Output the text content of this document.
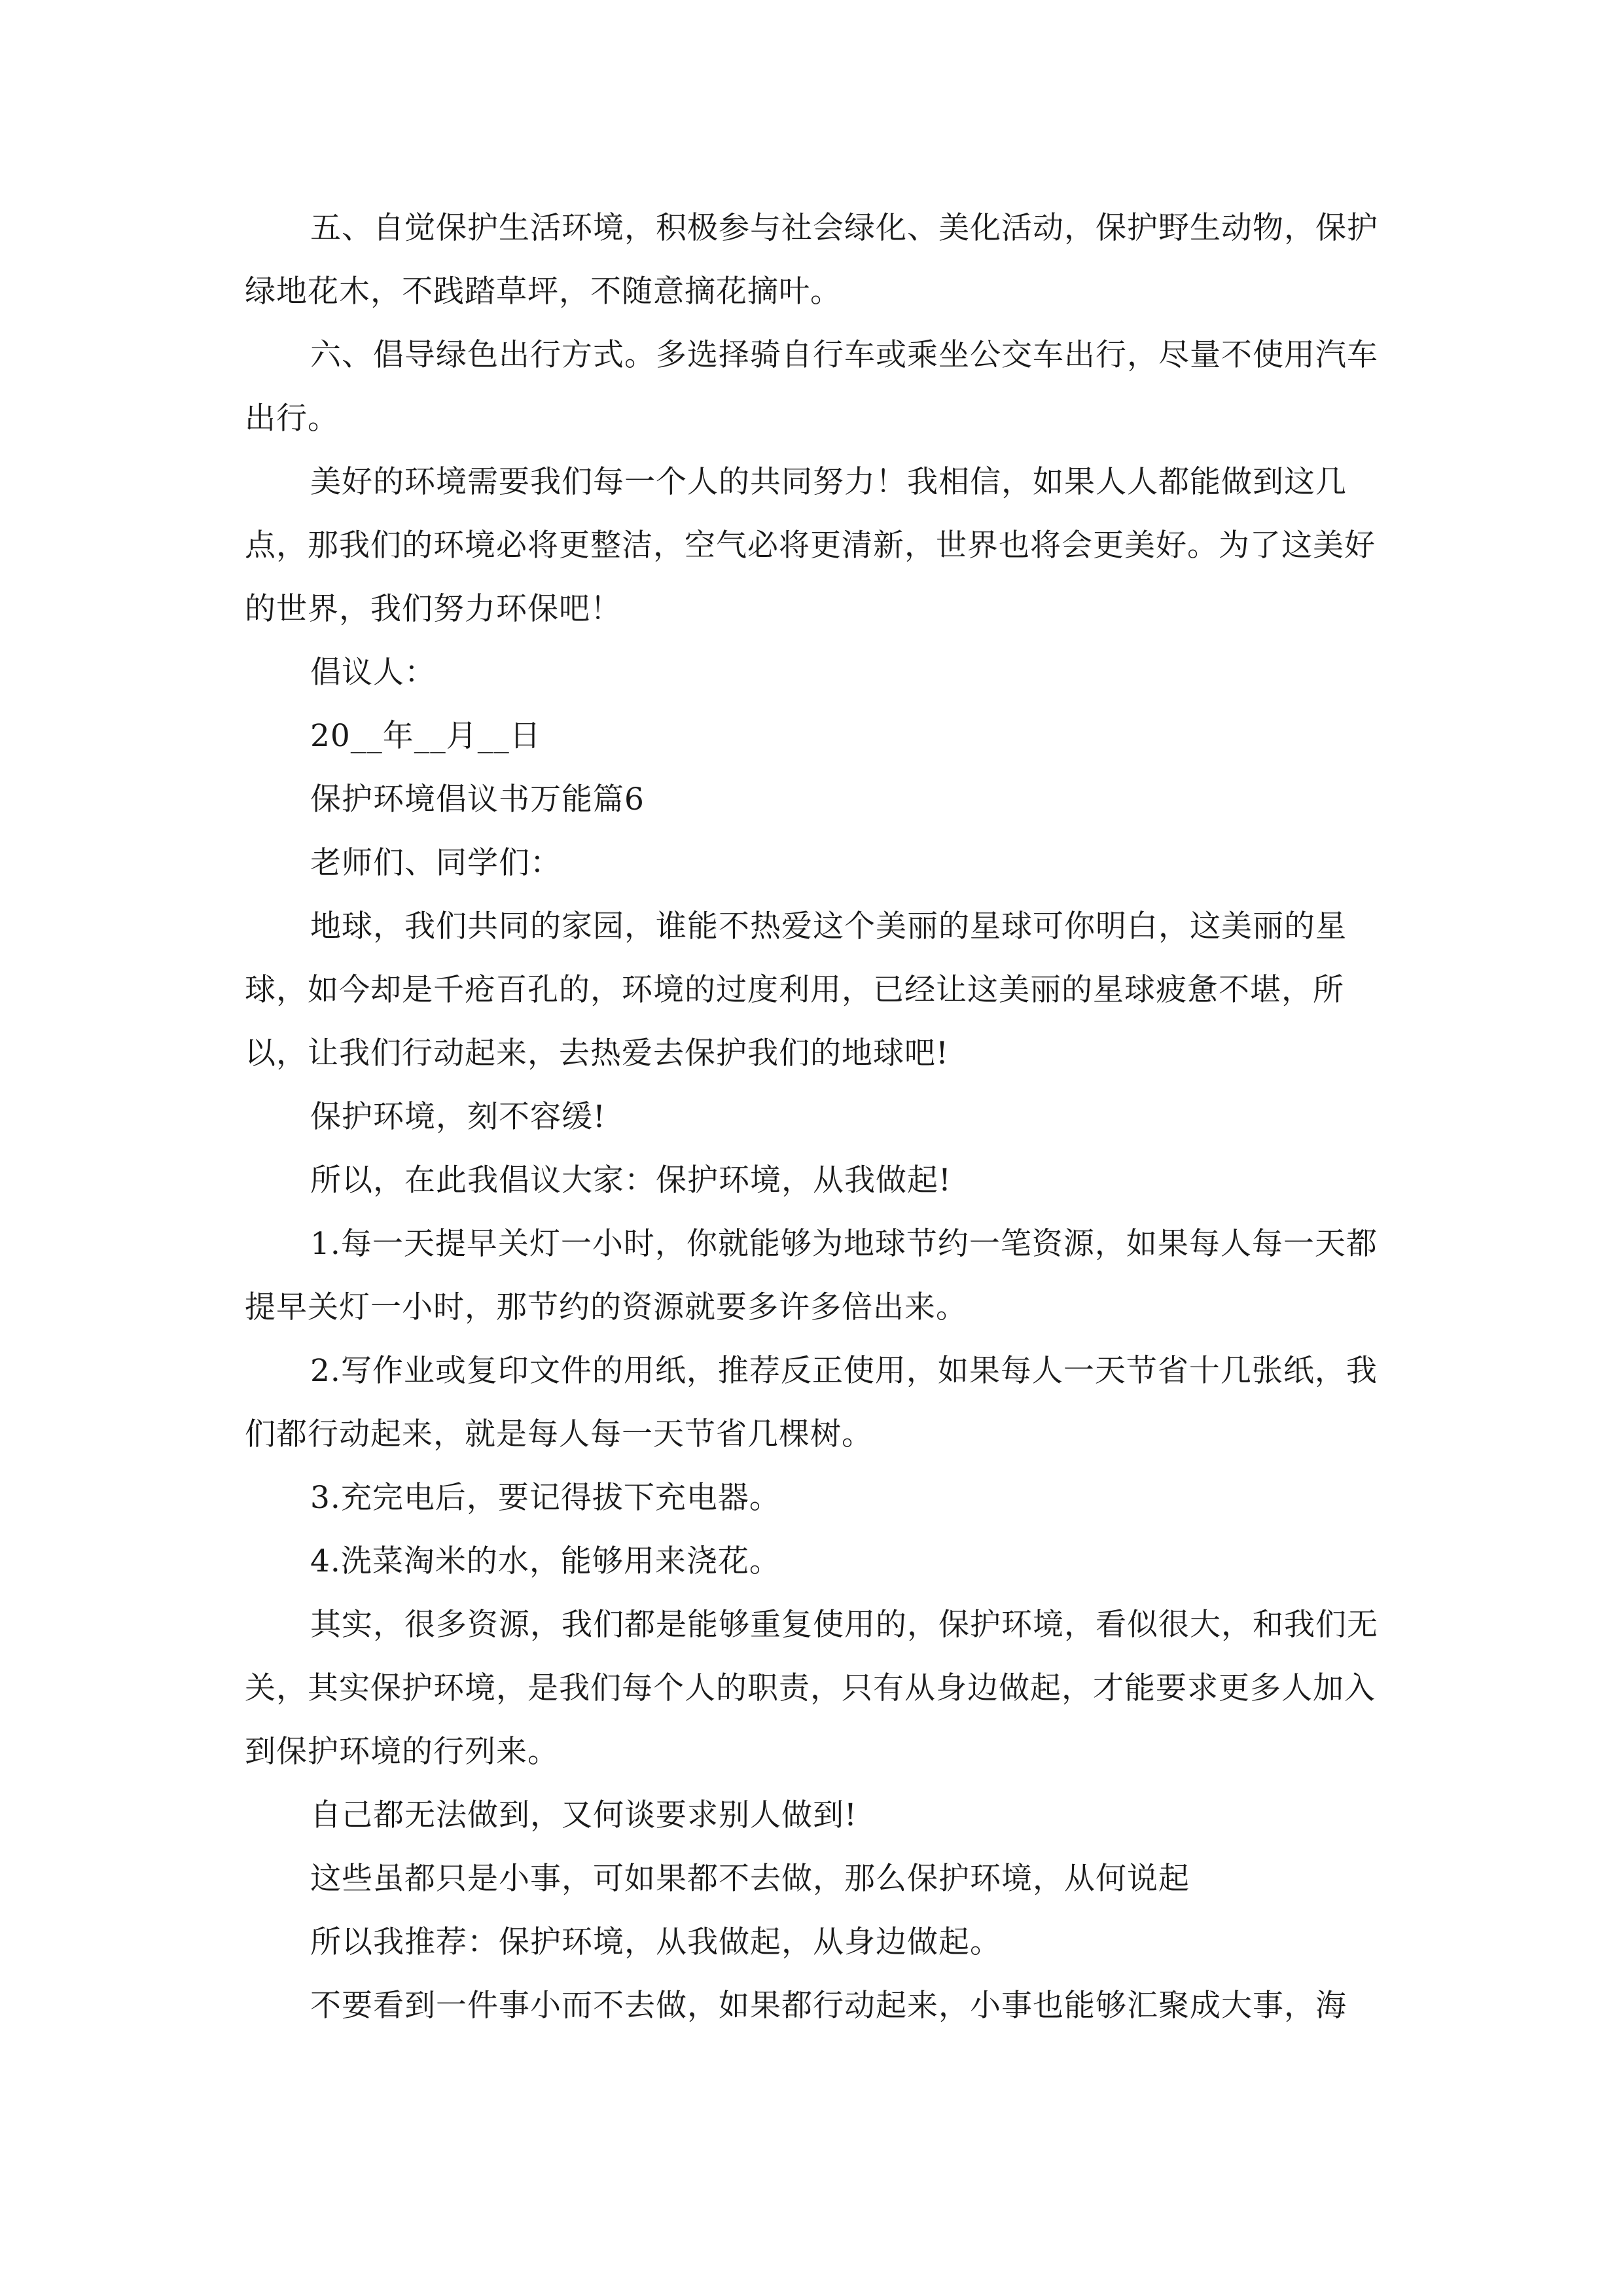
五、自觉保护生活环境，积极参与社会绿化、美化活动，保护野生动物，保护绿地花木，不践踏草坪，不随意摘花摘叶。

六、倡导绿色出行方式。多选择骑自行车或乘坐公交车出行，尽量不使用汽车出行。

美好的环境需要我们每一个人的共同努力！我相信，如果人人都能做到这几点，那我们的环境必将更整洁，空气必将更清新，世界也将会更美好。为了这美好的世界，我们努力环保吧！

倡议人：

20__年__月__日

保护环境倡议书万能篇6

老师们、同学们：

地球，我们共同的家园，谁能不热爱这个美丽的星球可你明白，这美丽的星球，如今却是千疮百孔的，环境的过度利用，已经让这美丽的星球疲惫不堪，所以，让我们行动起来，去热爱去保护我们的地球吧!

保护环境，刻不容缓!

所以，在此我倡议大家：保护环境，从我做起!

1.每一天提早关灯一小时，你就能够为地球节约一笔资源，如果每人每一天都提早关灯一小时，那节约的资源就要多许多倍出来。

2.写作业或复印文件的用纸，推荐反正使用，如果每人一天节省十几张纸，我们都行动起来，就是每人每一天节省几棵树。

3.充完电后，要记得拔下充电器。

4.洗菜淘米的水，能够用来浇花。

其实，很多资源，我们都是能够重复使用的，保护环境，看似很大，和我们无关，其实保护环境，是我们每个人的职责，只有从身边做起，才能要求更多人加入到保护环境的行列来。

自己都无法做到，又何谈要求别人做到!

这些虽都只是小事，可如果都不去做，那么保护环境，从何说起

所以我推荐：保护环境，从我做起，从身边做起。

不要看到一件事小而不去做，如果都行动起来，小事也能够汇聚成大事，海
